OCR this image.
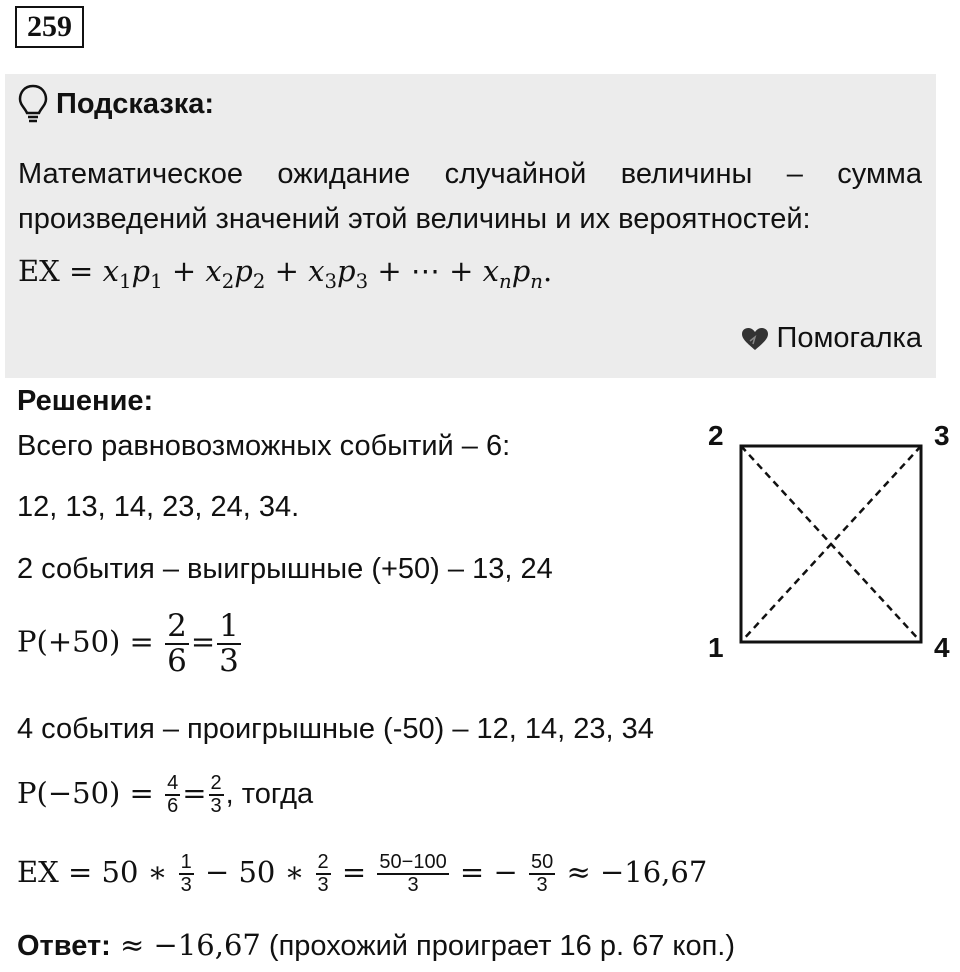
259
Подсказка:
Математическое ожидание случайной величины – сумма произведений значений этой величины и их вероятностей:
EX = $x_1p_1 + x_2p_2 + x_3p_3$ + ⋯ + $x_np_n$.
Помогалка
Решение:
Всего равновозможных событий – 6:
12, 13, 14, 23, 24, 34.
2 события – выигрышные (+50) – 13, 24
$P(+50) = \frac{2}{6} = \frac{1}{3}$
4 события – проигрышные (-50) – 12, 14, 23, 34
$P(-50) = \frac{4}{6} = \frac{2}{3}$ , тогда
EX = 50 ∗ $\frac{1}{3} - 50$ ∗ $\frac{2}{3} = \frac{50-100}{3}$ = − $\frac{50}{3} \approx -16,67$
Ответ: ≈ −16,67 (прохожий проиграет 16 р. 67 коп.)
2	3
1	4
